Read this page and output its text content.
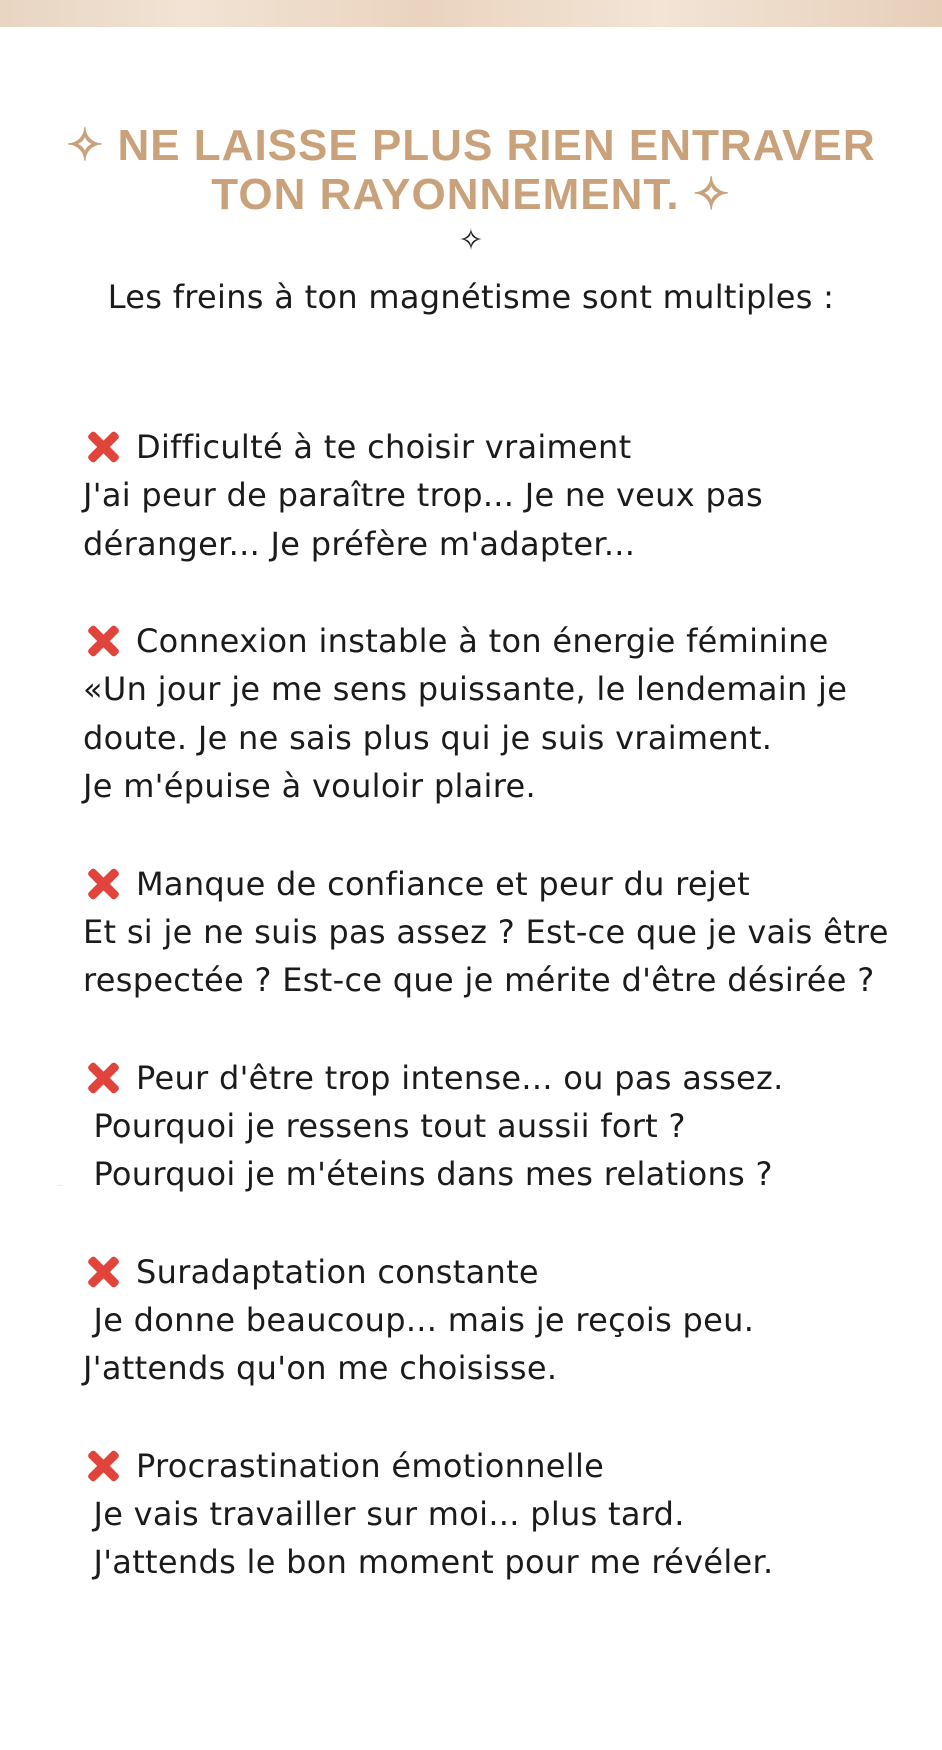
✧ NE LAISSE PLUS RIEN ENTRAVER
TON RAYONNEMENT. ✧
✧

Les freins à ton magnétisme sont multiples :

Difficulté à te choisir vraiment
J'ai peur de paraître trop... Je ne veux pas
déranger... Je préfère m'adapter...
Connexion instable à ton énergie féminine
«Un jour je me sens puissante, le lendemain je
doute. Je ne sais plus qui je suis vraiment.
Je m'épuise à vouloir plaire.
Manque de confiance et peur du rejet
Et si je ne suis pas assez ? Est-ce que je vais être
respectée ? Est-ce que je mérite d'être désirée ?
Peur d'être trop intense... ou pas assez.
Pourquoi je ressens tout aussii fort ?
Pourquoi je m'éteins dans mes relations ?
Suradaptation constante
Je donne beaucoup... mais je reçois peu.
J'attends qu'on me choisisse.
Procrastination émotionnelle
Je vais travailler sur moi... plus tard.
J'attends le bon moment pour me révéler.
